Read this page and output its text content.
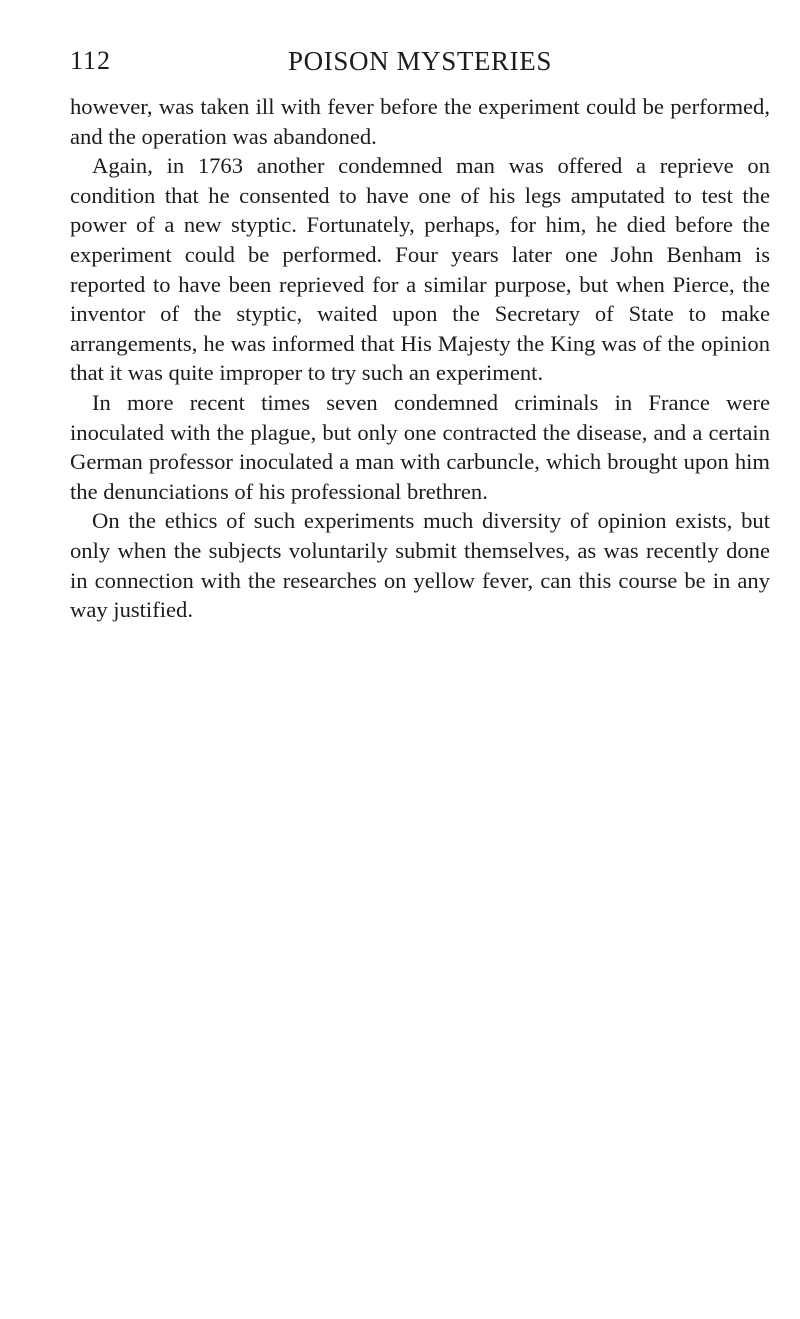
112	POISON MYSTERIES

however, was taken ill with fever before the experiment could be performed, and the operation was abandoned.

Again, in 1763 another condemned man was offered a reprieve on condition that he consented to have one of his legs amputated to test the power of a new styptic. Fortunately, perhaps, for him, he died before the experiment could be performed. Four years later one John Benham is reported to have been reprieved for a similar purpose, but when Pierce, the inventor of the styptic, waited upon the Secretary of State to make arrangements, he was informed that His Majesty the King was of the opinion that it was quite improper to try such an experiment.

In more recent times seven condemned criminals in France were inoculated with the plague, but only one contracted the disease, and a certain German professor inoculated a man with carbuncle, which brought upon him the denunciations of his professional brethren.

On the ethics of such experiments much diversity of opinion exists, but only when the subjects voluntarily submit themselves, as was recently done in connection with the researches on yellow fever, can this course be in any way justified.
